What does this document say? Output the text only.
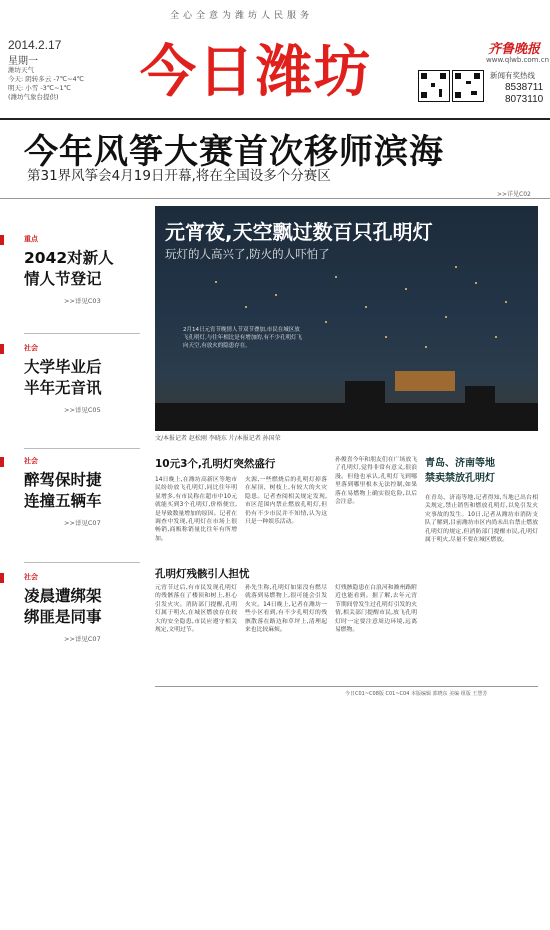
全心全意为潍坊人民服务
2014.2.17
星期一
潍坊天气
今天: 阴转多云 -7℃~4℃
明天: 小雪 -3℃~1℃
(潍坊气象台提供) 今日潍坊	齐鲁晚报
www.qlwb.com.cn
新闻有奖热线
8538711
8073110
今年风筝大赛首次移师滨海
第31界风筝会4月19日开幕,将在全国设多个分赛区
>>详见C02
重点
2042对新人
情人节登记
>>详见C03
社会
大学毕业后
半年无音讯
>>详见C05
社会
醉驾保时捷
连撞五辆车
>>详见C07
社会
凌晨遭绑架
绑匪是同事
>>详见C07
元宵夜,天空飘过数百只孔明灯
玩灯的人高兴了,防火的人吓怕了
2月14日元宵节晚情人节双节叠加,市民在城区放飞孔明灯,与往年相比是有增加的,有不少孔明灯飞向天空,有放火的隐患存在。
文/本报记者 赵松刚 李晓东 片/本报记者 孙国荣
10元3个,孔明灯突然盛行
14日晚上,在潍坊高新区等地市民纷纷放飞孔明灯,同比往年明显增多,有市民称在超市中10元就能买到3个孔明灯,价格便宜,是导致数量增加的原因。记者在调查中发现,孔明灯在市场上很畅销,商贩称销量比往年有所增加。
火源,一些燃烧后的孔明灯掉落在屋顶、树枝上,有较大的火灾隐患。记者查阅相关规定发现,市区范围内禁止燃放孔明灯,但仍有不少市民并不知情,认为这只是一种娱乐活动。
孙俊喜今年和朋友们在广场放飞了孔明灯,觉得非常有意义,很浪漫。但他也承认,孔明灯飞到哪里落到哪里根本无法控制,如果落在易燃物上确实很危险,以后会注意。
孔明灯残骸引人担忧
元宵节过后,有市民发现孔明灯的残骸落在了楼顶和树上,担心引发火灾。消防部门提醒,孔明灯属于明火,在城区燃放存在较大的安全隐患,市民应遵守相关规定,文明过节。
孙先生称,孔明灯如果没有燃尽就落到易燃物上,很可能会引发火灾。14日晚上,记者在潍坊一些小区看到,有不少孔明灯的残骸散落在路边和草坪上,清理起来也比较麻烦。
灯残骸隐患在白浪河和潍州路附近也能看到。据了解,去年元宵节期间曾发生过孔明灯引发的火情,相关部门提醒市民,放飞孔明灯时一定要注意周边环境,远离易燃物。
青岛、济南等地
禁卖禁放孔明灯
在青岛、济南等地,记者得知,当地已出台相关规定,禁止销售和燃放孔明灯,以免引发火灾事故的发生。10日,记者从潍坊市消防支队了解到,目前潍坊市区内尚未出台禁止燃放孔明灯的规定,但消防部门提醒市民,孔明灯属于明火,尽量不要在城区燃放。
今日C01~C08版 C01~C04 本版编辑 郭晓东 美编 组版 王慧芳
